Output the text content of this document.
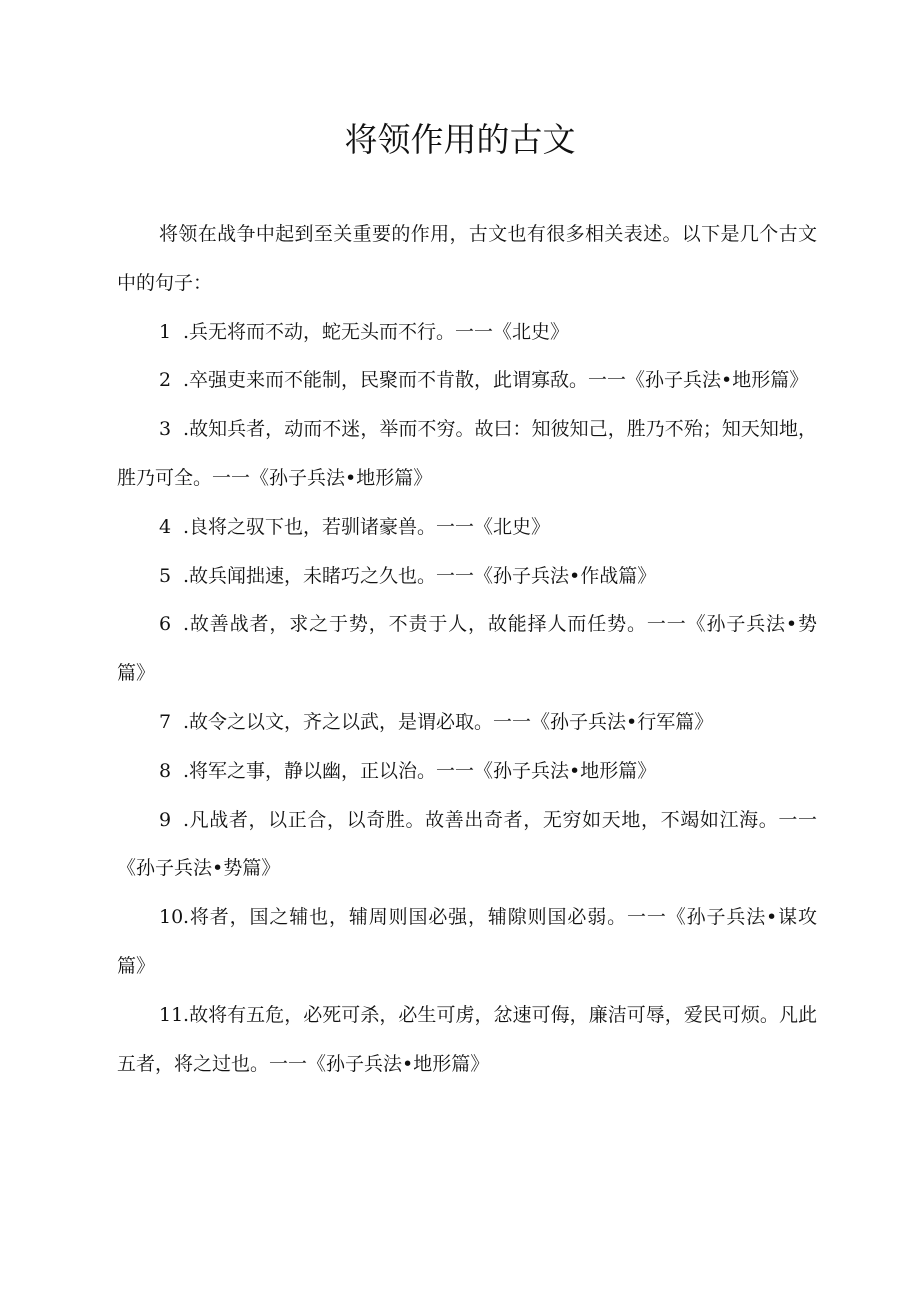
将领作用的古文

将领在战争中起到至关重要的作用，古文也有很多相关表述。以下是几个古文中的句子：

1 .兵无将而不动，蛇无头而不行。一一《北史》

2 .卒强吏来而不能制，民聚而不肯散，此谓寡敌。一一《孙子兵法•地形篇》

3 .故知兵者，动而不迷，举而不穷。故曰：知彼知己，胜乃不殆；知天知地，胜乃可全。一一《孙子兵法•地形篇》

4 .良将之驭下也，若驯诸豪兽。一一《北史》

5 .故兵闻拙速，未睹巧之久也。一一《孙子兵法•作战篇》

6 .故善战者，求之于势，不责于人，故能择人而任势。一一《孙子兵法•势篇》

7 .故令之以文，齐之以武，是谓必取。一一《孙子兵法•行军篇》

8 .将军之事，静以幽，正以治。一一《孙子兵法•地形篇》

9 .凡战者，以正合，以奇胜。故善出奇者，无穷如天地，不竭如江海。一一《孙子兵法•势篇》

10.将者，国之辅也，辅周则国必强，辅隙则国必弱。一一《孙子兵法•谋攻篇》

11.故将有五危，必死可杀，必生可虏，忿速可侮，廉洁可辱，爱民可烦。凡此五者，将之过也。一一《孙子兵法•地形篇》
